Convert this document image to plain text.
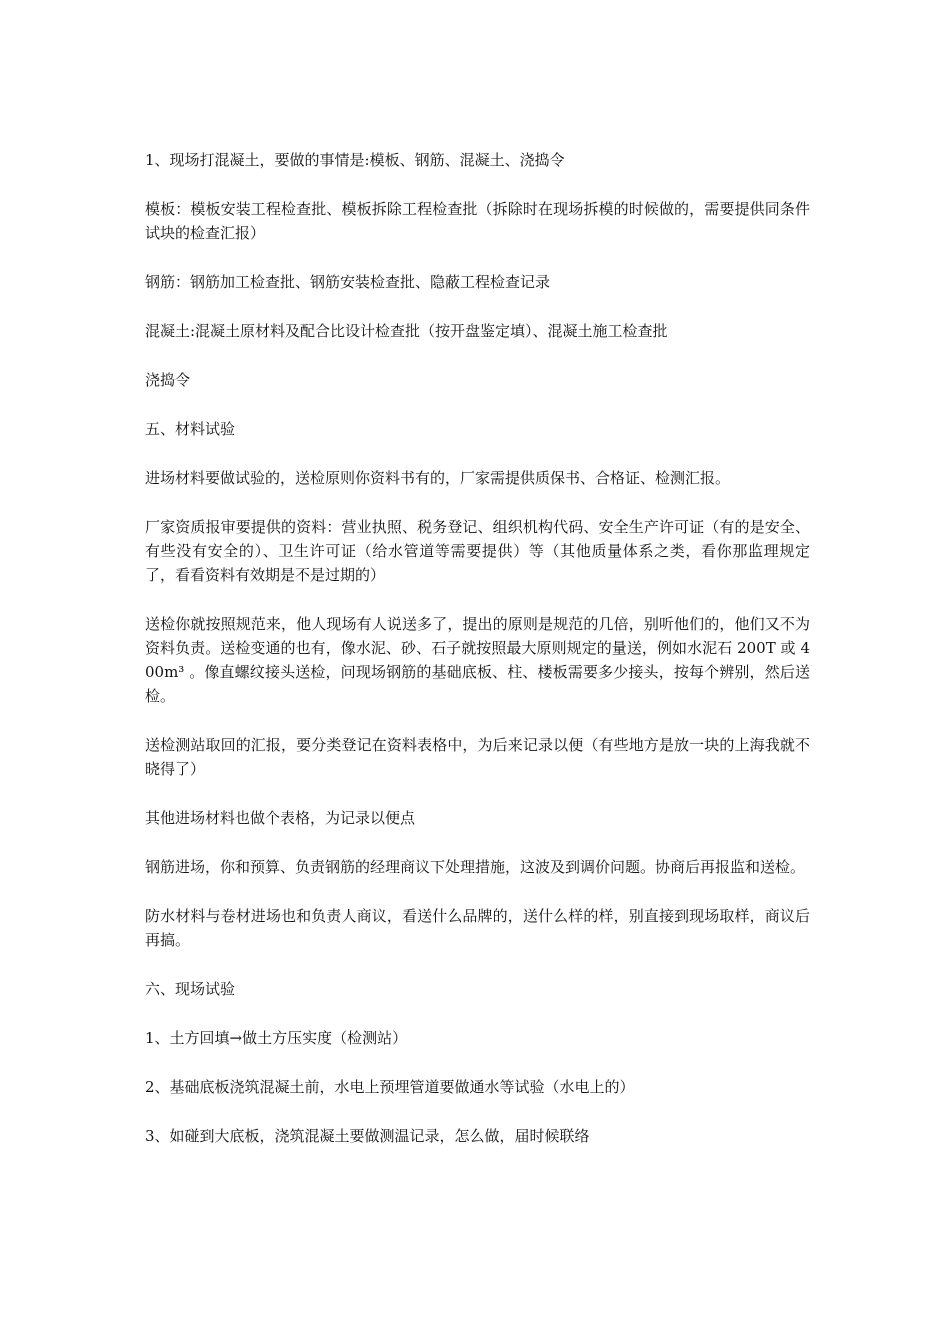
1、现场打混凝土，要做的事情是:模板、钢筋、混凝土、浇捣令

模板：模板安装工程检查批、模板拆除工程检查批（拆除时在现场拆模的时候做的，需要提供同条件试块的检查汇报）

钢筋：钢筋加工检查批、钢筋安装检查批、隐蔽工程检查记录

混凝土:混凝土原材料及配合比设计检查批（按开盘鉴定填）、混凝土施工检查批

浇捣令

五、材料试验

进场材料要做试验的，送检原则你资料书有的，厂家需提供质保书、合格证、检测汇报。

厂家资质报审要提供的资料：营业执照、税务登记、组织机构代码、安全生产许可证（有的是安全、有些没有安全的）、卫生许可证（给水管道等需要提供）等（其他质量体系之类，看你那监理规定了，看看资料有效期是不是过期的）

送检你就按照规范来，他人现场有人说送多了，提出的原则是规范的几倍，别听他们的，他们又不为资料负责。送检变通的也有，像水泥、砂、石子就按照最大原则规定的量送，例如水泥石 200T 或 400m³ 。像直螺纹接头送检，问现场钢筋的基础底板、柱、楼板需要多少接头，按每个辨别，然后送检。

送检测站取回的汇报，要分类登记在资料表格中，为后来记录以便（有些地方是放一块的上海我就不晓得了）

其他进场材料也做个表格，为记录以便点

钢筋进场，你和预算、负责钢筋的经理商议下处理措施，这波及到调价问题。协商后再报监和送检。

防水材料与卷材进场也和负责人商议，看送什么品牌的，送什么样的样，别直接到现场取样，商议后再搞。

六、现场试验

1、土方回填→做土方压实度（检测站）

2、基础底板浇筑混凝土前，水电上预埋管道要做通水等试验（水电上的）

3、如碰到大底板，浇筑混凝土要做测温记录，怎么做，届时候联络
